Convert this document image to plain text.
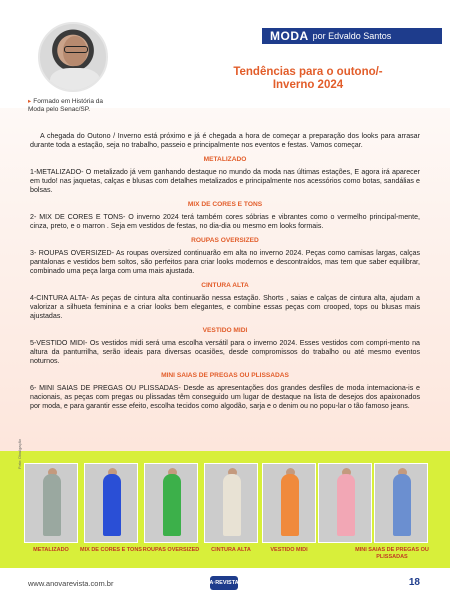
MODA por Edvaldo Santos
▸ Formado em História da Moda pelo Senac/SP.
Tendências para o outono/- Inverno 2024

A chegada do Outono / Inverno está próximo e já é chegada a hora de começar a preparação dos looks para arrasar durante toda a estação, seja no trabalho, passeio e principalmente nos eventos e festas. Vamos começar.

METALIZADO

1-METALIZADO- O metalizado já vem ganhando destaque no mundo da moda nas últimas estações, E agora irá aparecer em tudo! nas jaquetas, calças e blusas com detalhes metalizados e principalmente nos acessórios como botas, sandálias e bolsas.

MIX DE CORES E TONS

2- MIX DE CORES E TONS- O inverno 2024 terá também cores sóbrias e vibrantes como o vermelho principal-mente, cinza, preto, e o marron . Seja em vestidos de festas, no dia-dia ou mesmo em looks formais.

ROUPAS OVERSIZED

3- ROUPAS OVERSIZED- As roupas oversized continuarão em alta no inverno 2024. Peças como camisas largas, calças pantalonas e vestidos bem soltos, são perfeitos para criar looks modernos e descontraídos, mas tem que saber equilibrar, combinado uma peça larga com uma mais ajustada.

CINTURA ALTA

4-CINTURA ALTA- As peças de cintura alta continuarão nessa estação. Shorts , saias e calças de cintura alta, ajudam a valorizar a silhueta feminina e a criar looks bem elegantes, e combine essas peças com crooped, tops ou blusas mais ajustadas.

VESTIDO MIDI

5-VESTIDO MIDI- Os vestidos midi será uma escolha versátil para o inverno 2024. Esses vestidos com compri-mento na altura da panturrilha, serão ideais para diversas ocasiões, desde compromissos do trabalho ou até mesmo eventos noturnos.

MINI SAIAS DE PREGAS OU PLISSADAS

6- MINI SAIAS DE PREGAS OU PLISSADAS- Desde as apresentações dos grandes desfiles de moda internaciona-is e nacionais, as peças com pregas ou plissadas têm conseguido um lugar de destaque na lista de desejos dos apaixonados por moda, e para garantir esse efeito, escolha tecidos como algodão, sarja e o denim ou no popu-lar o tão famoso jeans.

Foto: Divulgação
METALIZADO	MIX DE CORES E TONS ROUPAS OVERSIZED	CINTURA ALTA	VESTIDO MIDI	MINI SAIAS DE PREGAS OU PLISSADAS
www.anovarevista.com.br	A·REVISTA	18
